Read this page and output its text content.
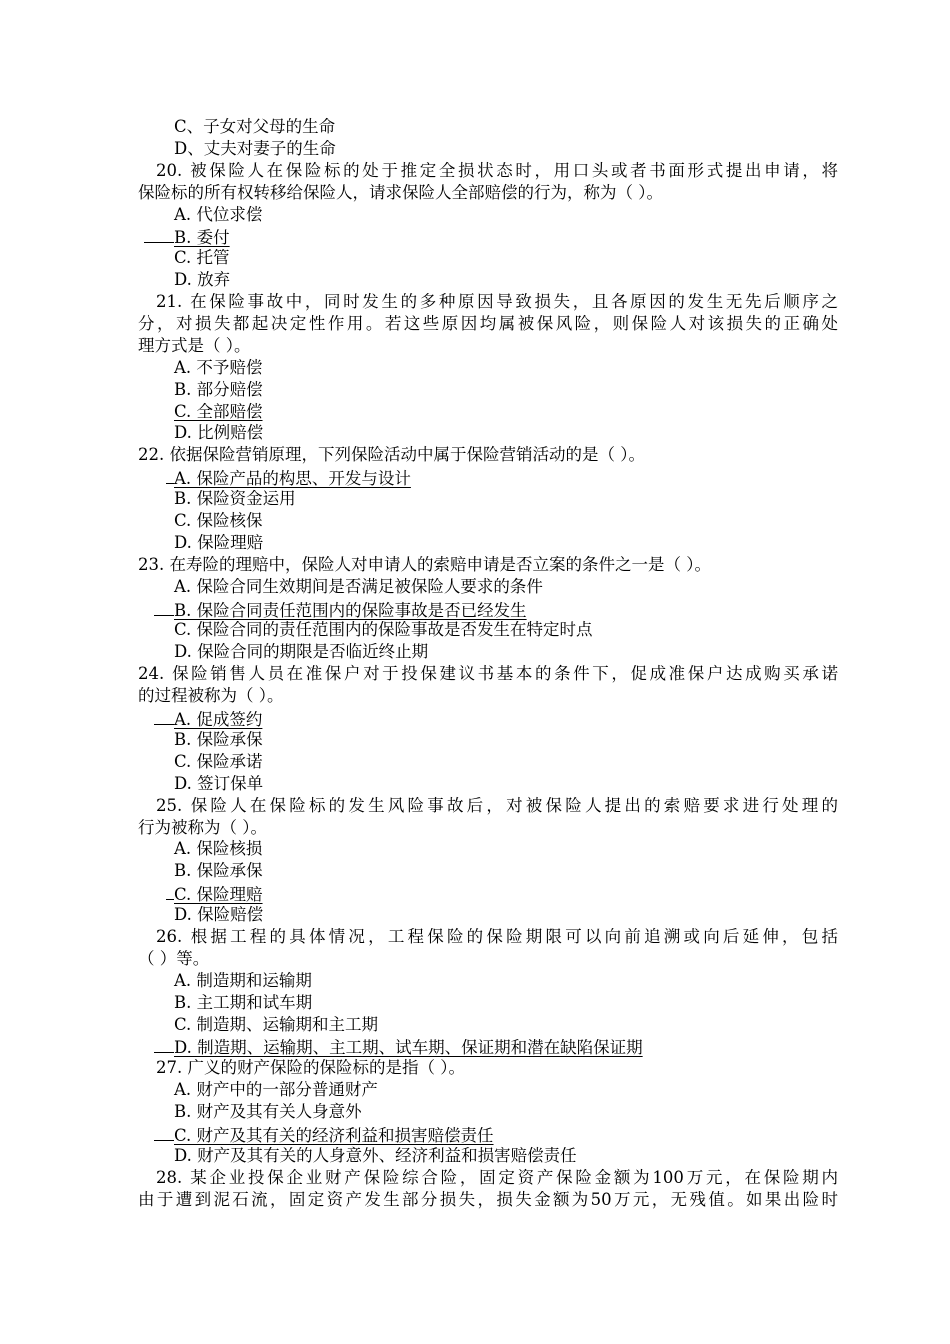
C、子女对父母的生命
D、丈夫对妻子的生命
20. 被保险人在保险标的处于推定全损状态时，用口头或者书面形式提出申请，将
保险标的所有权转移给保险人，请求保险人全部赔偿的行为，称为（ ）。
A. 代位求偿
B. 委付
C. 托管
D. 放弃
21. 在保险事故中，同时发生的多种原因导致损失，且各原因的发生无先后顺序之
分，对损失都起决定性作用。若这些原因均属被保风险，则保险人对该损失的正确处
理方式是（ ）。
A. 不予赔偿
B. 部分赔偿
C. 全部赔偿
D. 比例赔偿
22. 依据保险营销原理，下列保险活动中属于保险营销活动的是（ ）。
A. 保险产品的构思、开发与设计
B. 保险资金运用
C. 保险核保
D. 保险理赔
23. 在寿险的理赔中，保险人对申请人的索赔申请是否立案的条件之一是（ ）。
A. 保险合同生效期间是否满足被保险人要求的条件
B. 保险合同责任范围内的保险事故是否已经发生
C. 保险合同的责任范围内的保险事故是否发生在特定时点
D. 保险合同的期限是否临近终止期
24. 保险销售人员在准保户对于投保建议书基本的条件下，促成准保户达成购买承诺
的过程被称为（ ）。
A. 促成签约
B. 保险承保
C. 保险承诺
D. 签订保单
25. 保险人在保险标的发生风险事故后，对被保险人提出的索赔要求进行处理的
行为被称为（ ）。
A. 保险核损
B. 保险承保
C. 保险理赔
D. 保险赔偿
26. 根据工程的具体情况，工程保险的保险期限可以向前追溯或向后延伸，包括
（ ）等。
A. 制造期和运输期
B. 主工期和试车期
C. 制造期、运输期和主工期
D. 制造期、运输期、主工期、试车期、保证期和潜在缺陷保证期
27. 广义的财产保险的保险标的是指（ ）。
A. 财产中的一部分普通财产
B. 财产及其有关人身意外
C. 财产及其有关的经济利益和损害赔偿责任
D. 财产及其有关的人身意外、经济利益和损害赔偿责任
28. 某企业投保企业财产保险综合险，固定资产保险金额为100万元，在保险期内
由于遭到泥石流，固定资产发生部分损失，损失金额为50万元，无残值。如果出险时
